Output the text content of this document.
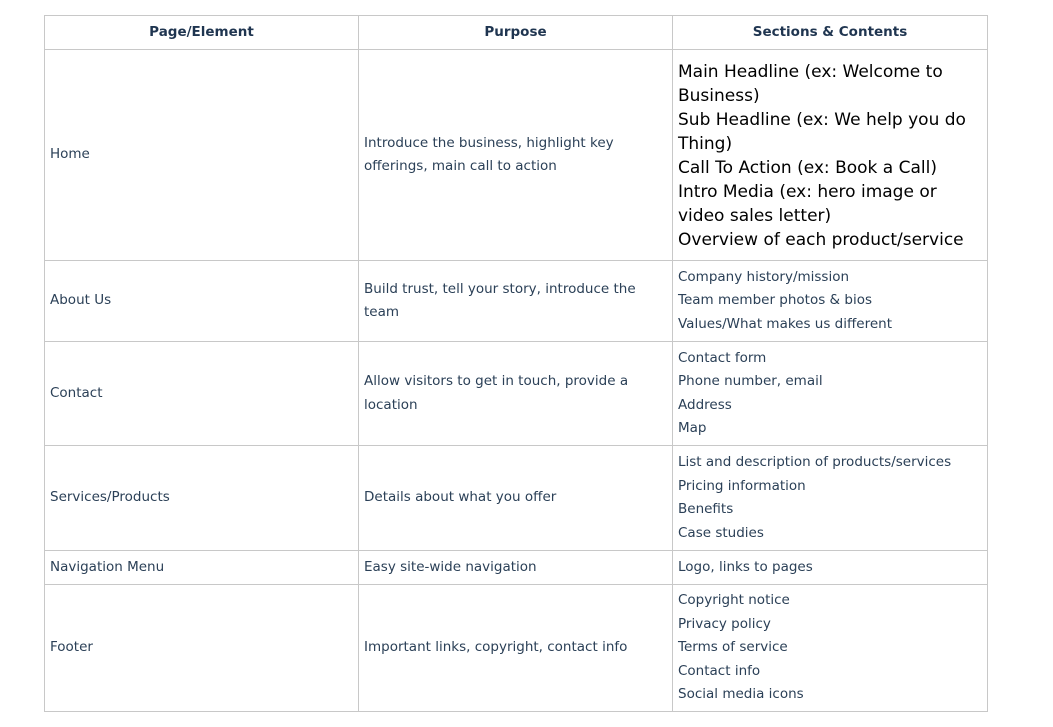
Page/Element	Purpose	Sections & Contents
Home	Introduce the business, highlight key offerings, main call to action	Main Headline (ex: Welcome to Business)
Sub Headline (ex: We help you do Thing)
Call To Action (ex: Book a Call)
Intro Media (ex: hero image or video sales letter)
Overview of each product/service

About Us	Build trust, tell your story, introduce the team	Company history/mission
Team member photos & bios
Values/What makes us different

Contact	Allow visitors to get in touch, provide a location	Contact form
Phone number, email
Address
Map

Services/Products	Details about what you offer	List and description of products/services
Pricing information
Benefits
Case studies

Navigation Menu	Easy site-wide navigation	Logo, links to pages

Footer	Important links, copyright, contact info	Copyright notice
Privacy policy
Terms of service
Contact info
Social media icons
